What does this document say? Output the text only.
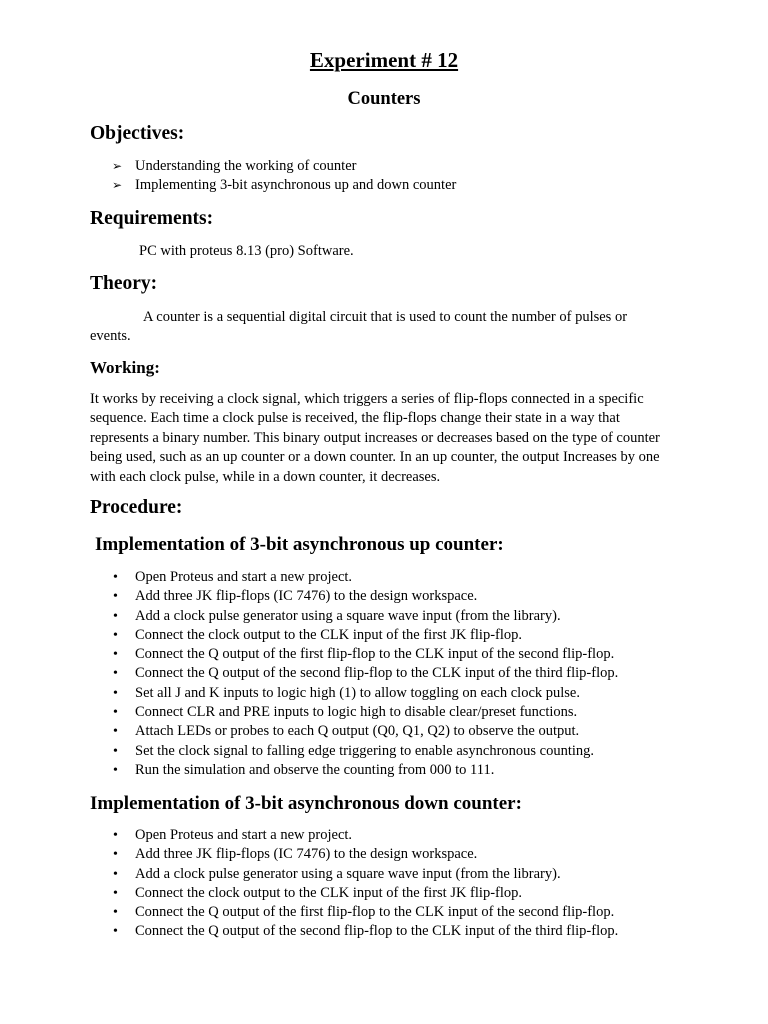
Experiment # 12
Counters
Objectives:
➢ Understanding the working of counter
➢ Implementing 3-bit asynchronous up and down counter
Requirements:
PC with proteus 8.13 (pro) Software.
Theory:
A counter is a sequential digital circuit that is used to count the number of pulses or
events.
Working:
It works by receiving a clock signal, which triggers a series of flip-flops connected in a specific sequence. Each time a clock pulse is received, the flip-flops change their state in a way that represents a binary number. This binary output increases or decreases based on the type of counter being used, such as an up counter or a down counter. In an up counter, the output Increases by one with each clock pulse, while in a down counter, it decreases.
Procedure:
Implementation of 3-bit asynchronous up counter:
• Open Proteus and start a new project.
• Add three JK flip-flops (IC 7476) to the design workspace.
• Add a clock pulse generator using a square wave input (from the library).
• Connect the clock output to the CLK input of the first JK flip-flop.
• Connect the Q output of the first flip-flop to the CLK input of the second flip-flop.
• Connect the Q output of the second flip-flop to the CLK input of the third flip-flop.
• Set all J and K inputs to logic high (1) to allow toggling on each clock pulse.
• Connect CLR and PRE inputs to logic high to disable clear/preset functions.
• Attach LEDs or probes to each Q output (Q0, Q1, Q2) to observe the output.
• Set the clock signal to falling edge triggering to enable asynchronous counting.
• Run the simulation and observe the counting from 000 to 111.
Implementation of 3-bit asynchronous down counter:
• Open Proteus and start a new project.
• Add three JK flip-flops (IC 7476) to the design workspace.
• Add a clock pulse generator using a square wave input (from the library).
• Connect the clock output to the CLK input of the first JK flip-flop.
• Connect the Q output of the first flip-flop to the CLK input of the second flip-flop.
• Connect the Q output of the second flip-flop to the CLK input of the third flip-flop.
